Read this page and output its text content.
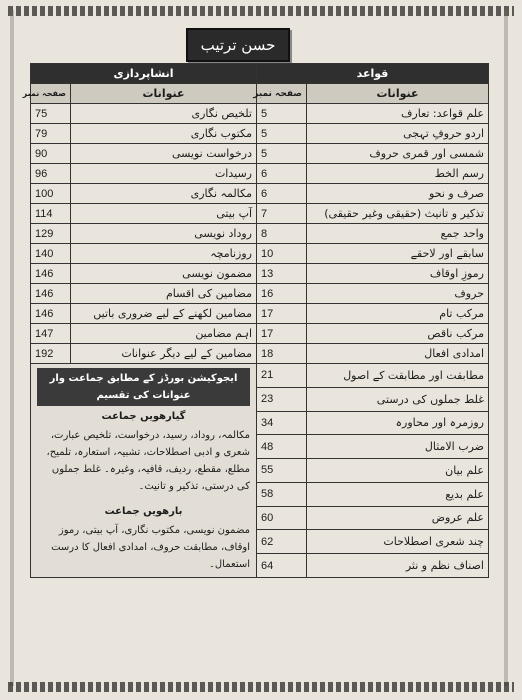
حسن ترتیب
انشاپردازی		قواعد	
صفحہ نمبر	عنوانات	صفحہ نمبر	عنوانات
75	تلخیص نگاری	5	علم قواعد: تعارف
79	مکتوب نگاری	5	اردو حروفِ تہجی
90	درخواست نویسی	5	شمسی اور قمری حروف
96	رسیدات	6	رسم الخط
100	مکالمہ نگاری	6	صرف و نحو
114	آپ بیتی	7	تذکیر و تانیث (حقیقی وغیر حقیقی)
129	روداد نویسی	8	واحد جمع
140	روزنامچہ	10	سابقے اور لاحقے
146	مضمون نویسی	13	رموزِ اوقاف
146	مضامین کی اقسام	16	حروف
146	مضامین لکھنے کے لیے ضروری باتیں	17	مرکب تام
147	اہم مضامین	17	مرکب ناقص
192	مضامین کے لیے دیگر عنوانات	18	امدادی افعال

ایجوکیشن بورڈز کے مطابق جماعت وار عنوانات کی تقسیم
گیارھویں جماعت
مکالمہ، روداد، رسید، درخواست، تلخیص عبارت، شعری و ادبی اصطلاحات، تشبیہ، استعارہ، تلمیح، مطلع، مقطع، ردیف، قافیہ، وغیرہ۔ غلط جملوں کی درستی، تذکیر و تانیث۔
بارھویں جماعت
مضمون نویسی، مکتوب نگاری، آپ بیتی، رموز اوقاف، مطابقت حروف، امدادی افعال کا درست استعمال۔		21	مطابقت اور مطابقت کے اصول
		23	غلط جملوں کی درستی
		34	روزمرہ اور محاورہ
		48	ضرب الامثال
		55	علم بیان
		58	علم بدیع
		60	علم عروض
		62	چند شعری اصطلاحات
		64	اصناف نظم و نثر
